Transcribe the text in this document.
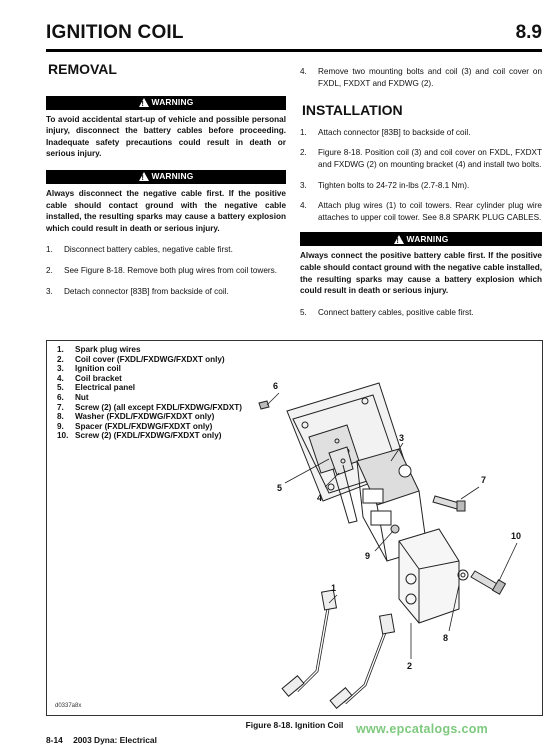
IGNITION COIL	8.9
REMOVAL
!
WARNING

To avoid accidental start-up of vehicle and possible personal injury, disconnect the battery cables before proceeding. Inadequate safety precautions could result in death or serious injury.

!
WARNING

Always disconnect the negative cable first. If the positive cable should contact ground with the negative cable installed, the resulting sparks may cause a battery explosion which could result in death or serious injury.

1.	Disconnect battery cables, negative cable first.
2.	See Figure 8-18. Remove both plug wires from coil towers.
3.	Detach connector [83B] from backside of coil.
4.	Remove two mounting bolts and coil (3) and coil cover on FXDL, FXDXT and FXDWG (2).
INSTALLATION
1.	Attach connector [83B] to backside of coil.
2.	Figure 8-18. Position coil (3) and coil cover on FXDL, FXDXT and FXDWG (2) on mounting bracket (4) and install two bolts.
3.	Tighten bolts to 24-72 in-lbs (2.7-8.1 Nm).
4.	Attach plug wires (1) to coil towers. Rear cylinder plug wire attaches to upper coil tower. See 8.8 SPARK PLUG CABLES.
!
WARNING

Always connect the positive battery cable first. If the positive cable should contact ground with the negative cable installed, the resulting sparks may cause a battery explosion which could result in death or serious injury.

5.	Connect battery cables, positive cable first.
6
5
4
3
7
10
9
8
1
2
1.	Spark plug wires
2.	Coil cover (FXDL/FXDWG/FXDXT only)
3.	Ignition coil
4.	Coil bracket
5.	Electrical panel
6.	Nut
7.	Screw (2) (all except FXDL/FXDWG/FXDXT)
8.	Washer (FXDL/FXDWG/FXDXT only)
9.	Spacer (FXDL/FXDWG/FXDXT only)
10. Screw (2) (FXDL/FXDWG/FXDXT only)
d0337a8x
Figure 8-18. Ignition Coil	www.epcatalogs.com
8-14 2003 Dyna: Electrical
